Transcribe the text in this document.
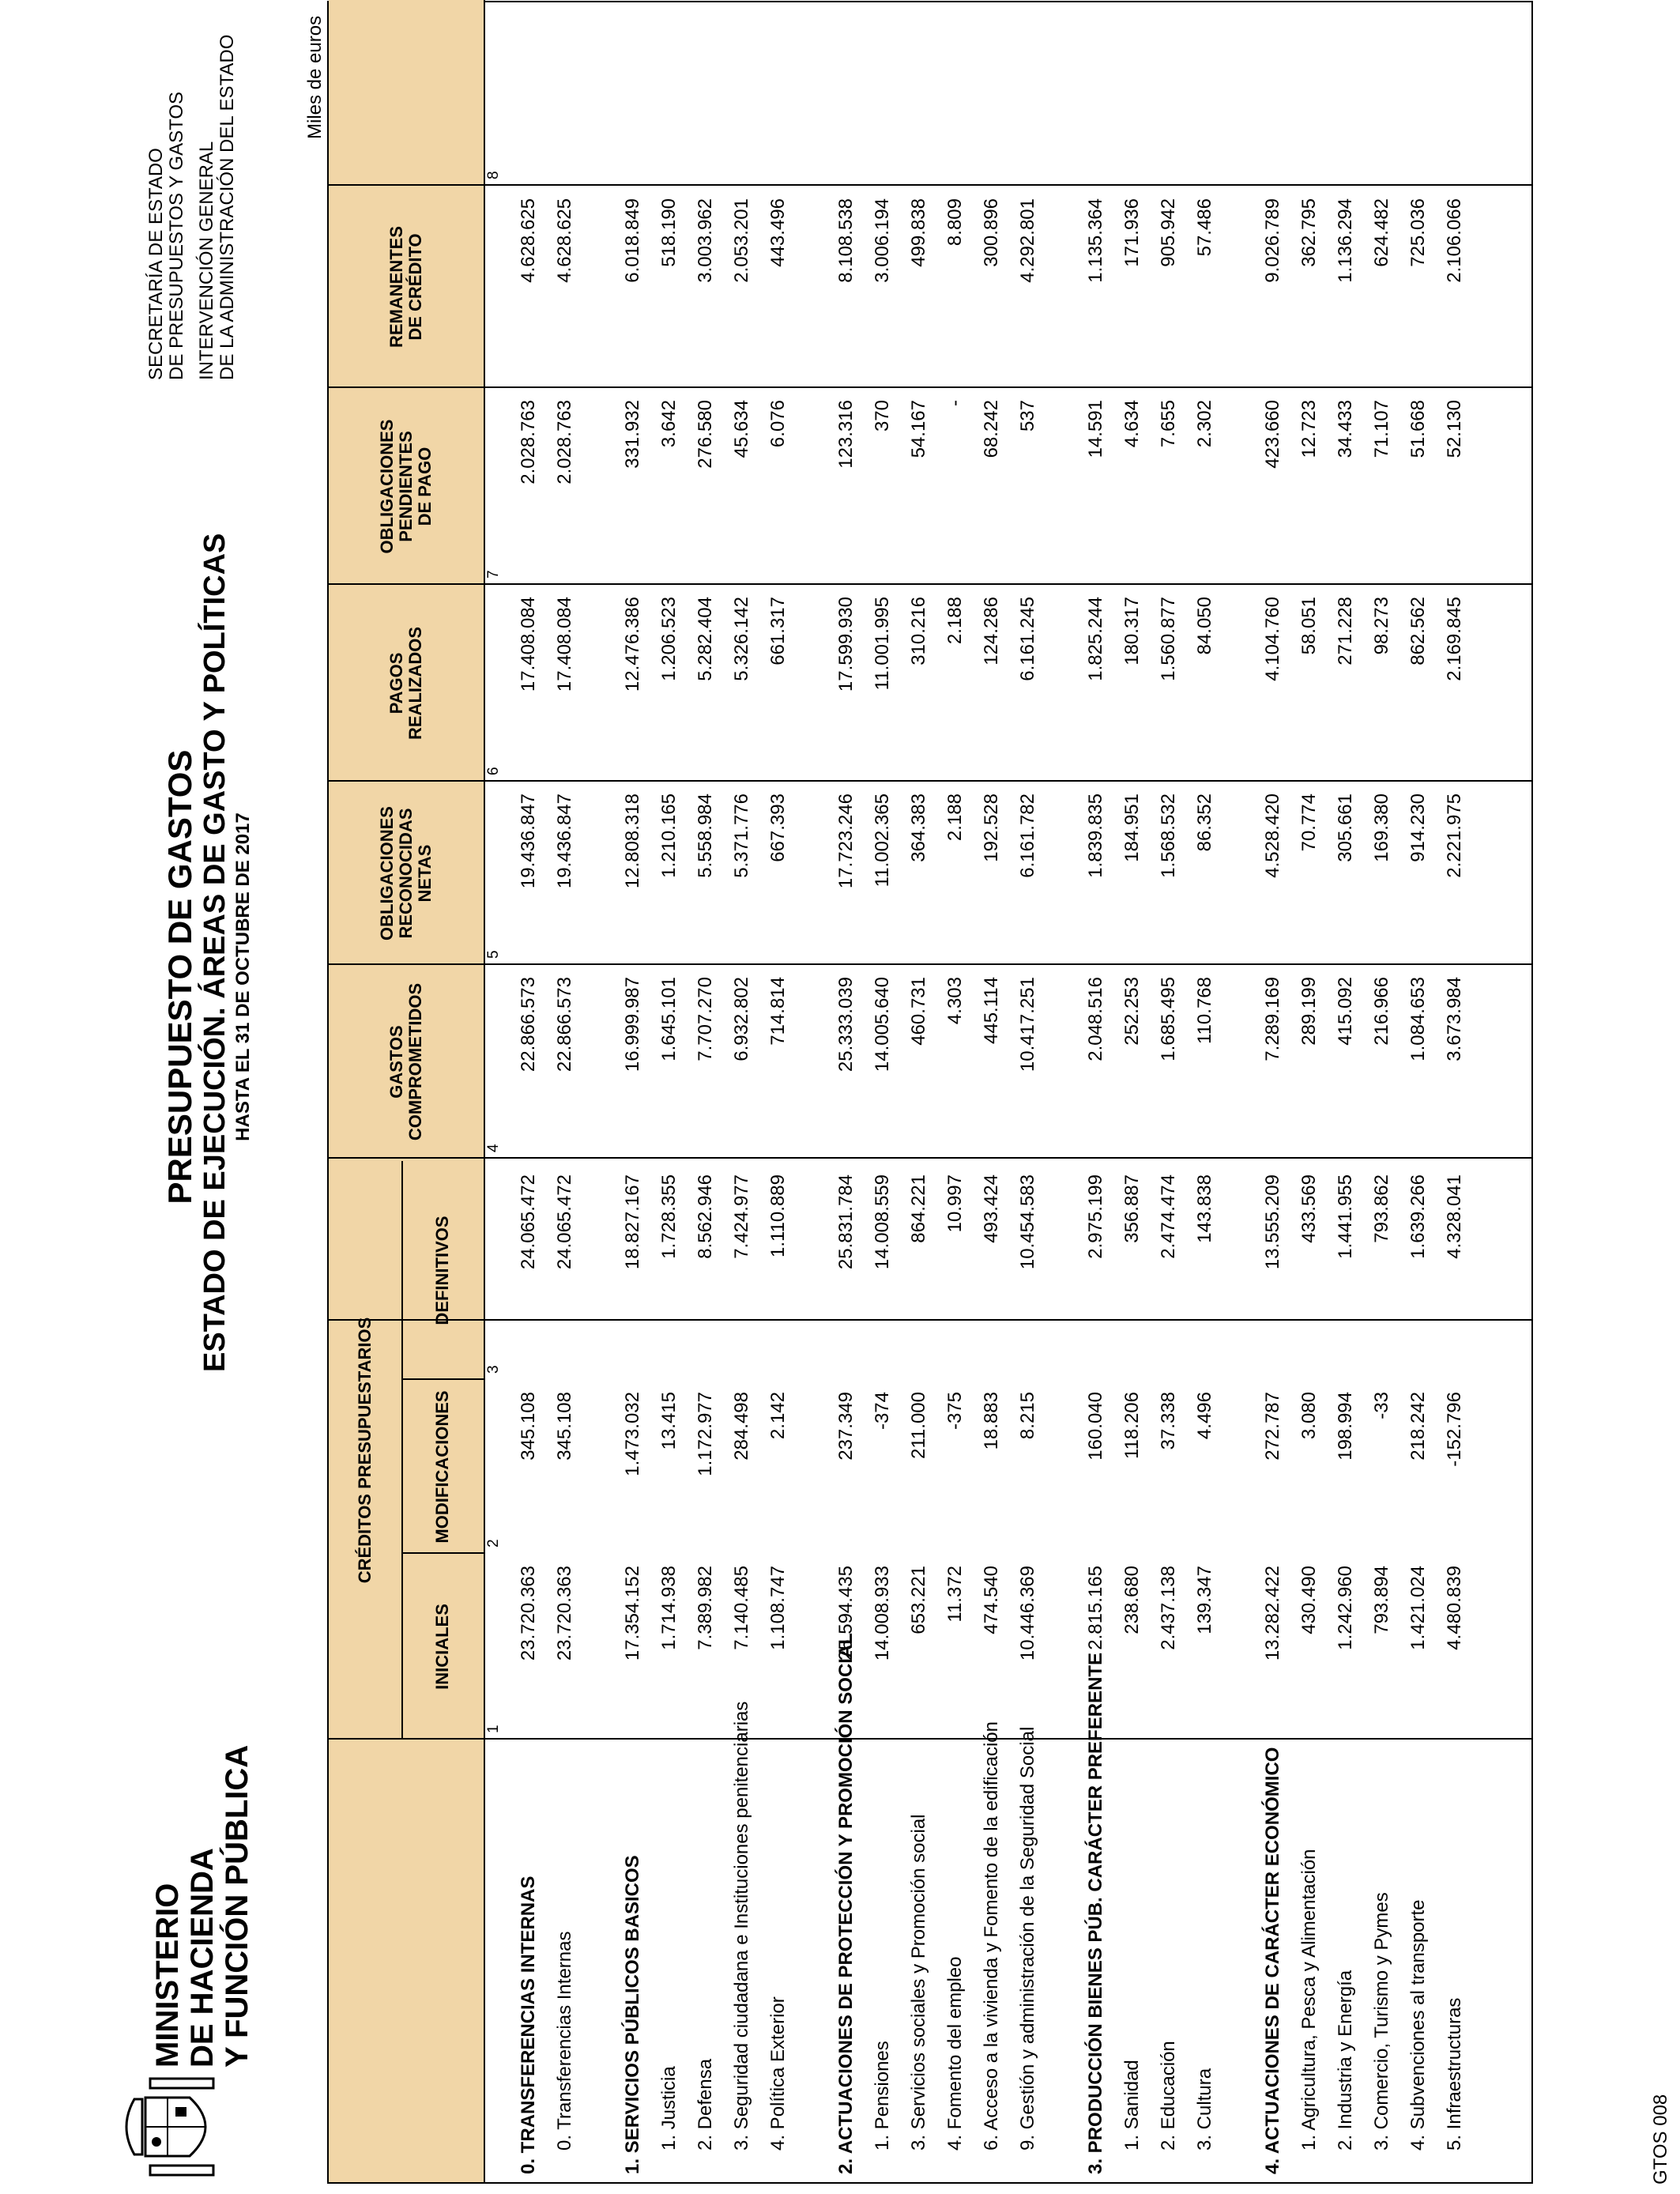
MINISTERIO DE HACIENDA Y FUNCIÓN PÚBLICA
PRESUPUESTO DE GASTOS ESTADO DE EJECUCIÓN. ÁREAS DE GASTO Y POLÍTICAS HASTA EL 31 DE OCTUBRE DE 2017
SECRETARÍA DE ESTADO DE PRESUPUESTOS Y GASTOS INTERVENCIÓN GENERAL DE LA ADMINISTRACIÓN DEL ESTADO	Miles de euros
CRÉDITOS PRESUPUESTARIOS
INICIALES
MODIFICACIONES
DEFINITIVOS
GASTOS COMPROMETIDOS
OBLIGACIONES RECONOCIDAS NETAS
PAGOS REALIZADOS
OBLIGACIONES PENDIENTES DE PAGO
REMANENTES DE CRÉDITO
1
2
3
4
5
6
7
8
0. TRANSFERENCIAS INTERNAS
23.720.363
345.108
24.065.472
22.866.573
19.436.847
17.408.084
2.028.763
4.628.625
0. Transferencias Internas
23.720.363
345.108
24.065.472
22.866.573
19.436.847
17.408.084
2.028.763
4.628.625
1. SERVICIOS PÚBLICOS BASICOS
17.354.152
1.473.032
18.827.167
16.999.987
12.808.318
12.476.386
331.932
6.018.849
1. Justicia
1.714.938
13.415
1.728.355
1.645.101
1.210.165
1.206.523
3.642
518.190
2. Defensa
7.389.982
1.172.977
8.562.946
7.707.270
5.558.984
5.282.404
276.580
3.003.962
3. Seguridad ciudadana e Instituciones penitenciarias
7.140.485
284.498
7.424.977
6.932.802
5.371.776
5.326.142
45.634
2.053.201
4. Política Exterior
1.108.747
2.142
1.110.889
714.814
667.393
661.317
6.076
443.496
2. ACTUACIONES DE PROTECCIÓN Y PROMOCIÓN SOCIAL
25.594.435
237.349
25.831.784
25.333.039
17.723.246
17.599.930
123.316
8.108.538
1. Pensiones
14.008.933
-374
14.008.559
14.005.640
11.002.365
11.001.995
370
3.006.194
3. Servicios sociales y Promoción social
653.221
211.000
864.221
460.731
364.383
310.216
54.167
499.838
4. Fomento del empleo
11.372
-375
10.997
4.303
2.188
2.188
-
8.809
6. Acceso a la vivienda y Fomento de la edificación
474.540
18.883
493.424
445.114
192.528
124.286
68.242
300.896
9. Gestión y administración de la Seguridad Social
10.446.369
8.215
10.454.583
10.417.251
6.161.782
6.161.245
537
4.292.801
3. PRODUCCIÓN BIENES PÚB. CARÁCTER PREFERENTE
2.815.165
160.040
2.975.199
2.048.516
1.839.835
1.825.244
14.591
1.135.364
1. Sanidad
238.680
118.206
356.887
252.253
184.951
180.317
4.634
171.936
2. Educación
2.437.138
37.338
2.474.474
1.685.495
1.568.532
1.560.877
7.655
905.942
3. Cultura
139.347
4.496
143.838
110.768
86.352
84.050
2.302
57.486
4. ACTUACIONES DE CARÁCTER ECONÓMICO
13.282.422
272.787
13.555.209
7.289.169
4.528.420
4.104.760
423.660
9.026.789
1. Agricultura, Pesca y Alimentación
430.490
3.080
433.569
289.199
70.774
58.051
12.723
362.795
2. Industria y Energía
1.242.960
198.994
1.441.955
415.092
305.661
271.228
34.433
1.136.294
3. Comercio, Turismo y Pymes
793.894
-33
793.862
216.966
169.380
98.273
71.107
624.482
4. Subvenciones al transporte
1.421.024
218.242
1.639.266
1.084.653
914.230
862.562
51.668
725.036
5. Infraestructuras
4.480.839
-152.796
4.328.041
3.673.984
2.221.975
2.169.845
52.130
2.106.066
GTOS 008
